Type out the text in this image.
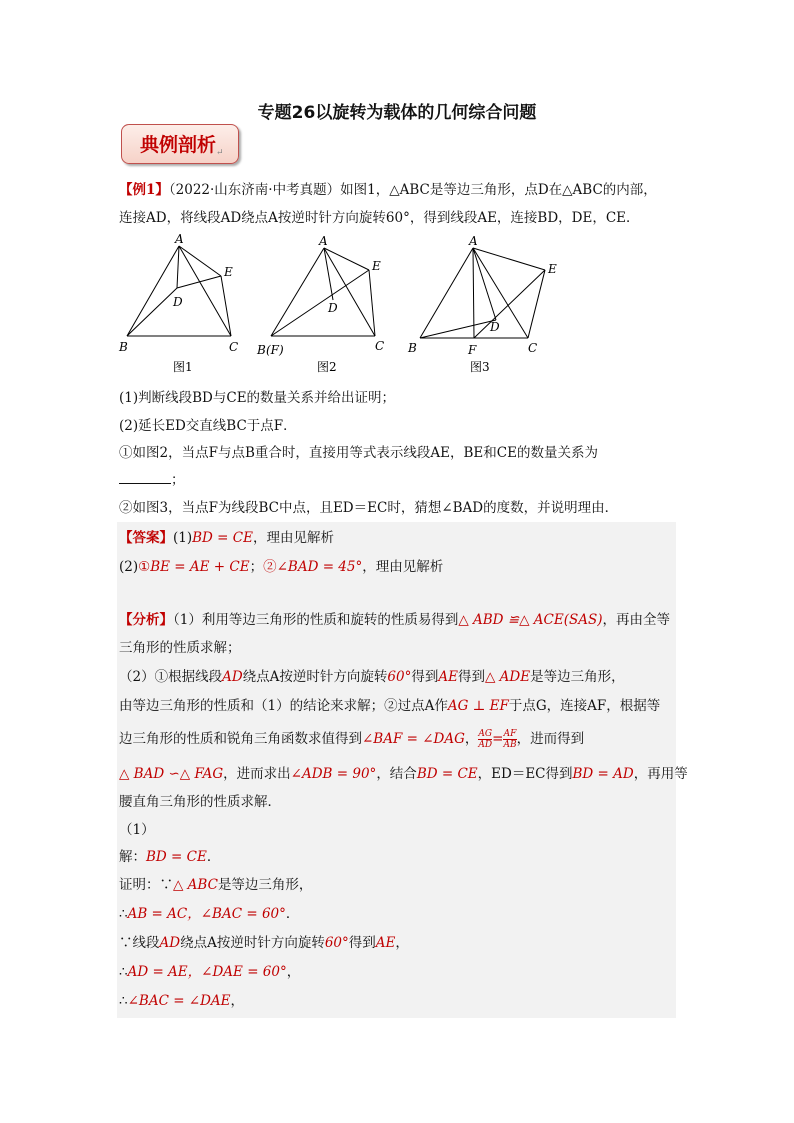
专题26以旋转为载体的几何综合问题
典例剖析$_↵$
【例1】（2022·山东济南·中考真题）如图1，△ABC是等边三角形，点D在△ABC的内部，
连接AD，将线段AD绕点A按逆时针方向旋转60°，得到线段AE，连接BD，DE，CE．
A
E
D
B	C
图1
A
E
D
B (F)	C
图2
A
E
D
B	F	C
图3
(1)判断线段BD与CE的数量关系并给出证明；
(2)延长ED交直线BC于点F．
①如图2，当点F与点B重合时，直接用等式表示线段AE，BE和CE的数量关系为
；
②如图3，当点F为线段BC中点，且ED＝EC时，猜想∠BAD的度数，并说明理由．
【答案】(1)BD = CE，理由见解析
(2)①BE = AE + CE；②∠BAD = 45°，理由见解析
【分析】（1）利用等边三角形的性质和旋转的性质易得到△ ABD ≌△ ACE(SAS)，再由全等
三角形的性质求解；
（2）①根据线段AD绕点A按逆时针方向旋转60°得到AE得到△ ADE是等边三角形，
由等边三角形的性质和（1）的结论来求解；②过点A作AG ⊥ EF于点G，连接AF，根据等
边三角形的性质和锐角三角函数求值得到∠BAF = ∠DAG， $\frac{AG}{AD} = \frac{AF}{AB}$ ，进而得到
△ BAD ∽△ FAG，进而求出∠ADB = 90°，结合BD = CE，ED＝EC得到BD = AD，再用等
腰直角三角形的性质求解．
（1）
解：BD = CE．
证明：∵△ ABC是等边三角形，
∴AB = AC，∠BAC = 60°．
∵线段AD绕点A按逆时针方向旋转60°得到AE，
∴AD = AE，∠DAE = 60°，
∴∠BAC = ∠DAE，
